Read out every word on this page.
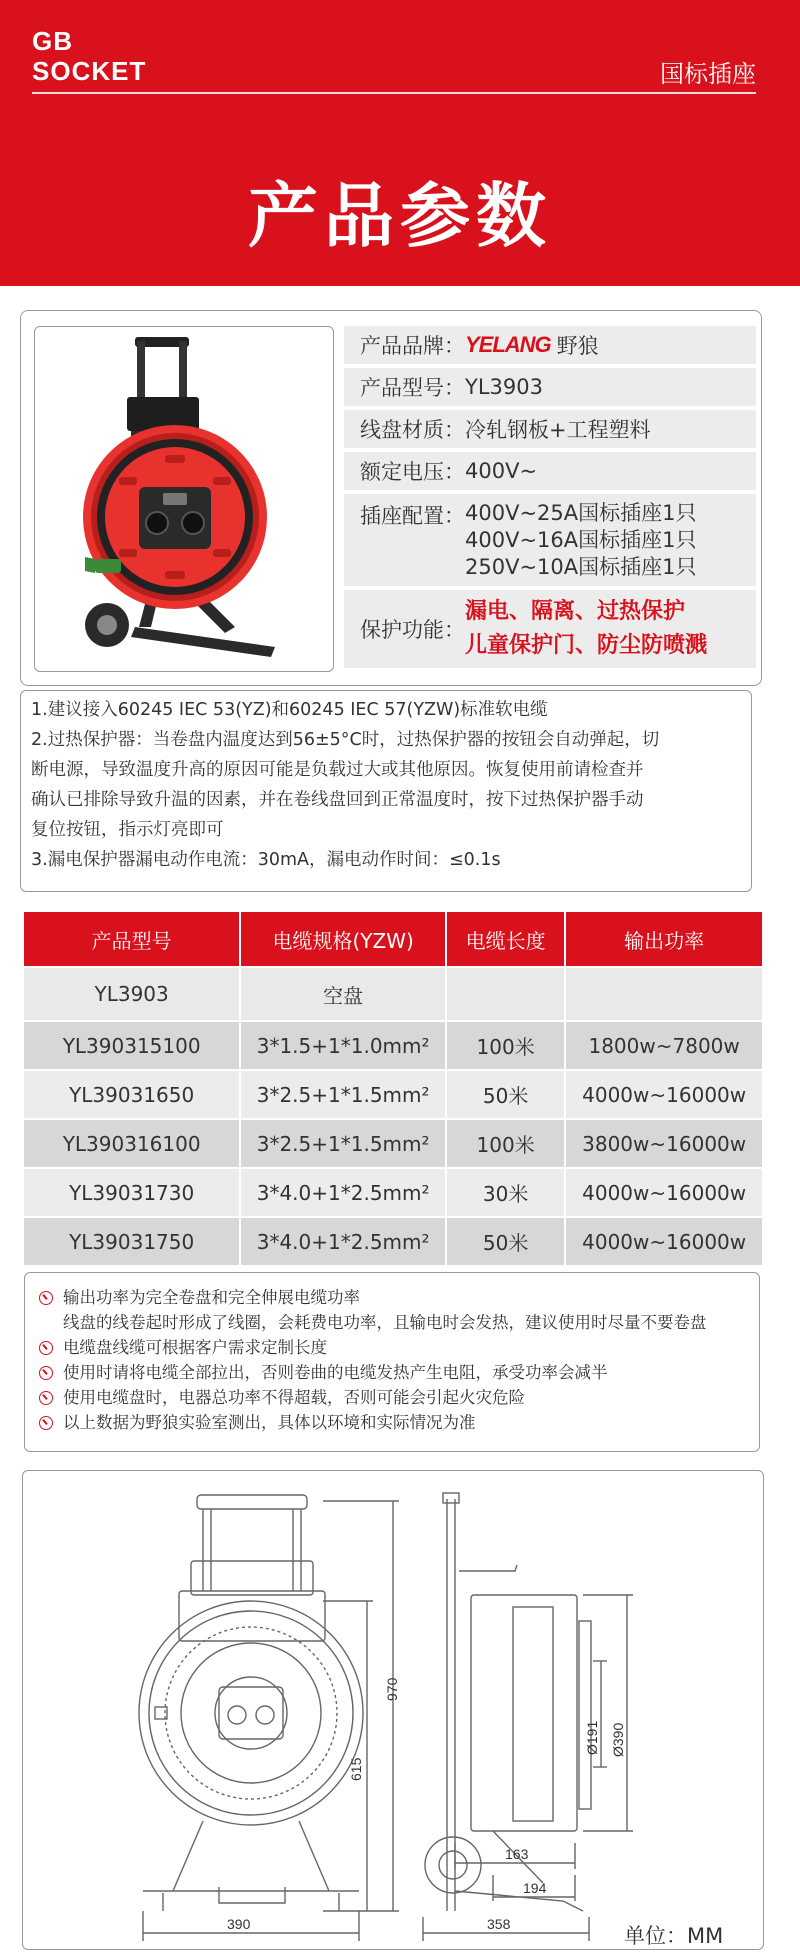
GB
SOCKET	国标插座
产品参数
产品品牌： YELANG 野狼
产品型号： YL3903
线盘材质： 冷轧钢板+工程塑料
额定电压： 400V~
插座配置： 400V~25A国标插座1只
400V~16A国标插座1只
250V~10A国标插座1只
保护功能：
漏电、隔离、过热保护
儿童保护门、防尘防喷溅
1.建议接入60245 IEC 53(YZ)和60245 IEC 57(YZW)标准软电缆
2.过热保护器：当卷盘内温度达到56±5°C时，过热保护器的按钮会自动弹起，切
断电源，导致温度升高的原因可能是负载过大或其他原因。恢复使用前请检查并
确认已排除导致升温的因素，并在卷线盘回到正常温度时，按下过热保护器手动
复位按钮，指示灯亮即可
3.漏电保护器漏电动作电流：30mA，漏电动作时间：≤0.1s
产品型号	电缆规格(YZW)	电缆长度	输出功率
YL3903	空盘		
YL390315100	3*1.5+1*1.0mm²	100米	1800w~7800w
YL39031650	3*2.5+1*1.5mm²	50米	4000w~16000w
YL390316100	3*2.5+1*1.5mm²	100米	3800w~16000w
YL39031730	3*4.0+1*2.5mm²	30米	4000w~16000w
YL39031750	3*4.0+1*2.5mm²	50米	4000w~16000w
输出功率为完全卷盘和完全伸展电缆功率
线盘的线卷起时形成了线圈，会耗费电功率，且输电时会发热，建议使用时尽量不要卷盘
电缆盘线缆可根据客户需求定制长度
使用时请将电缆全部拉出，否则卷曲的电缆发热产生电阻，承受功率会减半
使用电缆盘时，电器总功率不得超载，否则可能会引起火灾危险
以上数据为野狼实验室测出，具体以环境和实际情况为准
970
615
390
163
194
358
Ø191 Ø390
单位：MM
